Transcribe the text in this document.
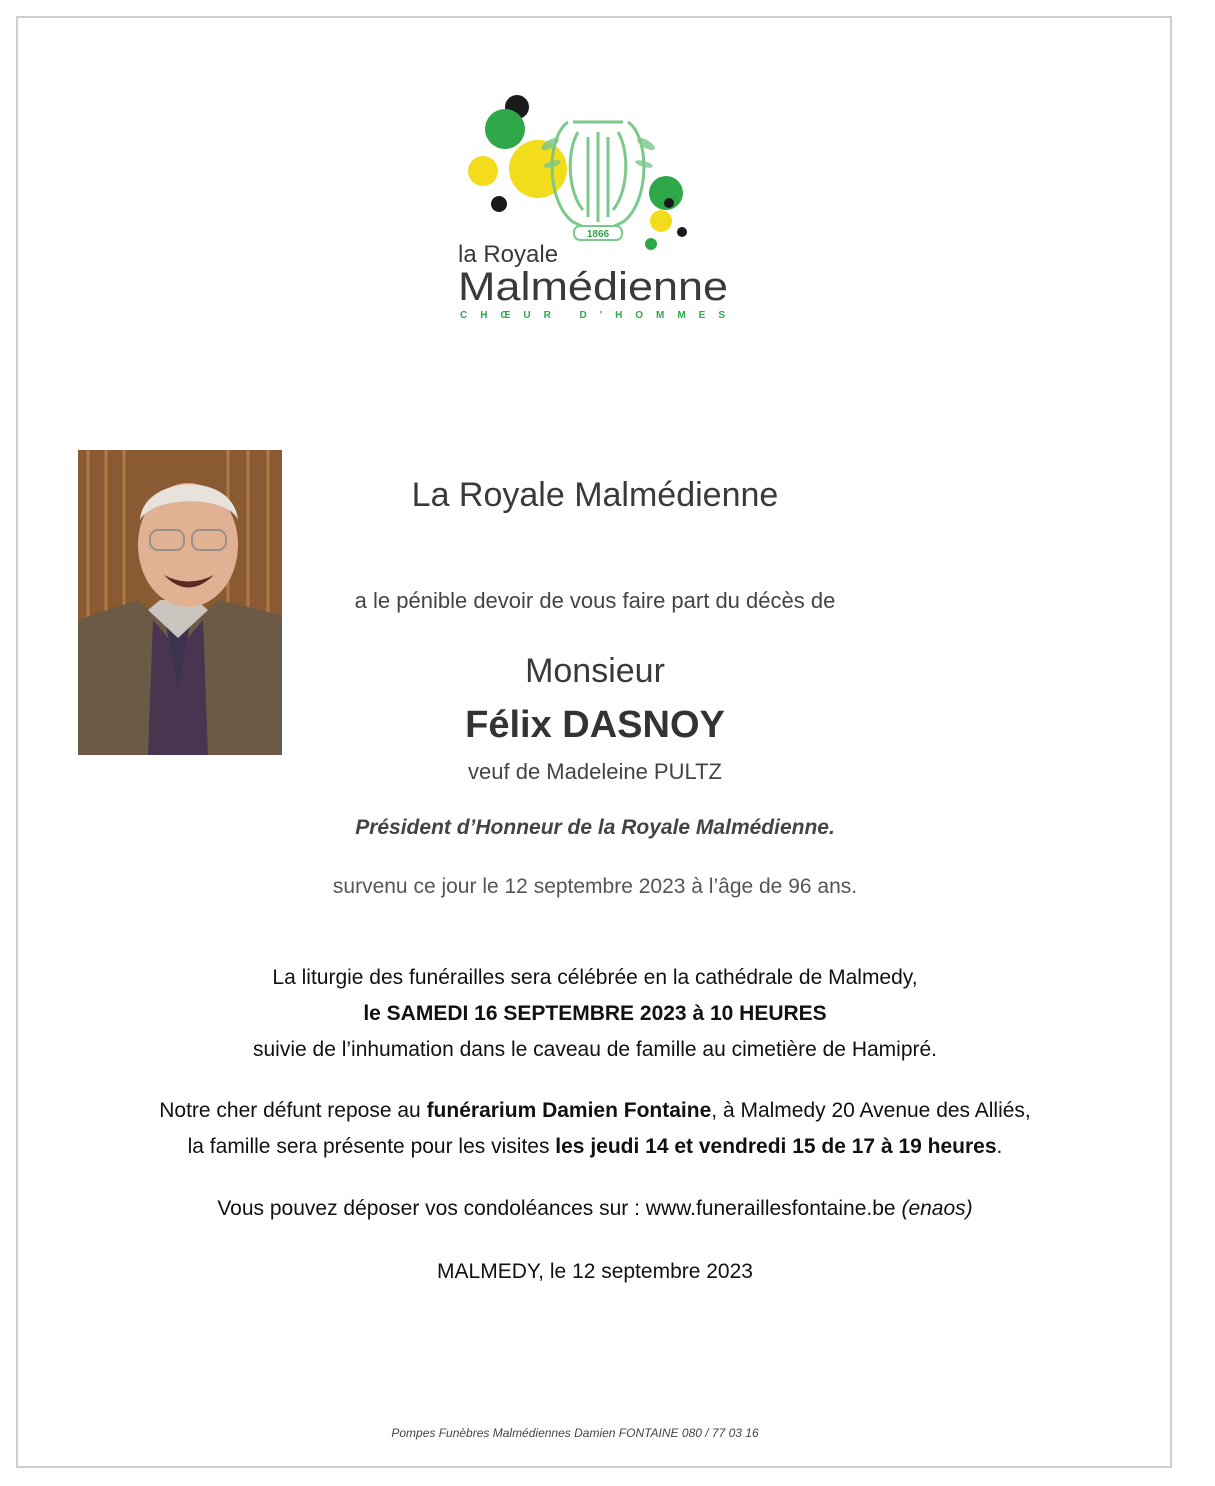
1866
la Royale
Malmédienne
CHŒUR D'HOMMES
La Royale Malmédienne
a le pénible devoir de vous faire part du décès de
Monsieur
Félix DASNOY
veuf de Madeleine PULTZ
Président d’Honneur de la Royale Malmédienne.
survenu ce jour le 12 septembre 2023 à l’âge de 96 ans.
La liturgie des funérailles sera célébrée en la cathédrale de Malmedy,
le SAMEDI 16 SEPTEMBRE 2023 à 10 HEURES
suivie de l’inhumation dans le caveau de famille au cimetière de Hamipré.
Notre cher défunt repose au funérarium Damien Fontaine, à Malmedy 20 Avenue des Alliés,
la famille sera présente pour les visites les jeudi 14 et vendredi 15 de 17 à 19 heures.
Vous pouvez déposer vos condoléances sur : www.funeraillesfontaine.be (enaos)
MALMEDY, le 12 septembre 2023
Pompes Funèbres Malmédiennes Damien FONTAINE 080 / 77 03 16
